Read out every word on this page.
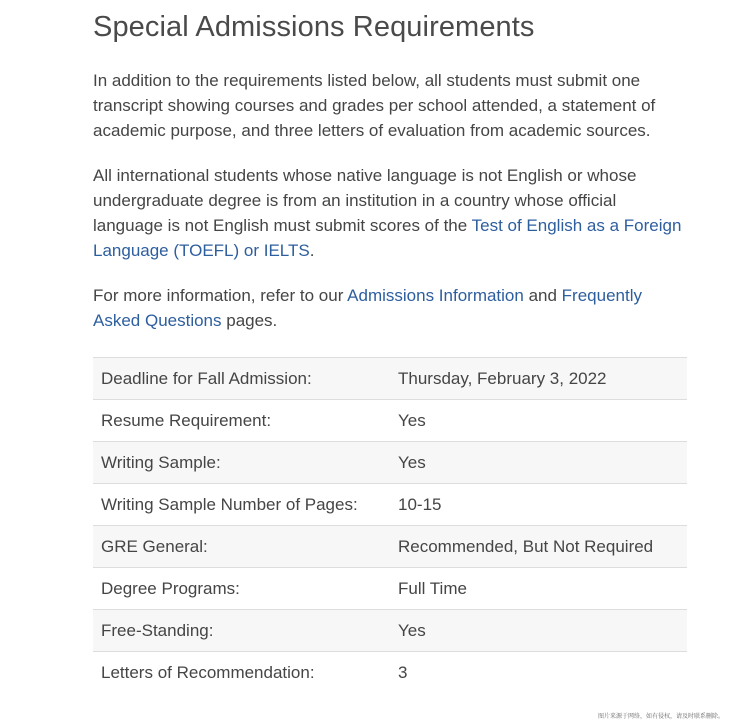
Special Admissions Requirements

In addition to the requirements listed below, all students must submit one transcript showing courses and grades per school attended, a statement of academic purpose, and three letters of evaluation from academic sources.

All international students whose native language is not English or whose undergraduate degree is from an institution in a country whose official language is not English must submit scores of the Test of English as a Foreign Language (TOEFL) or IELTS.

For more information, refer to our Admissions Information and Frequently Asked Questions pages.

Deadline for Fall Admission:	Thursday, February 3, 2022
Resume Requirement:	Yes
Writing Sample:	Yes
Writing Sample Number of Pages:	10-15
GRE General:	Recommended, But Not Required
Degree Programs:	Full Time
Free-Standing:	Yes
Letters of Recommendation:	3
图片来源于网络，如有侵权，请及时联系删除。
